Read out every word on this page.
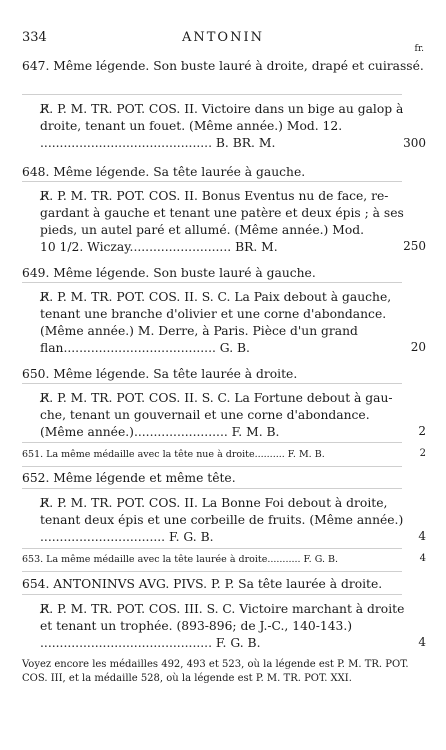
334	ANTONIN
fr.
647. Même légende. Son buste lauré à droite, drapé et cuirassé.
R̸. P. M. TR. POT. COS. II. Victoire dans un bige au galop à
droite, tenant un fouet. (Même année.) Mod. 12.
............................................ B. BR. M.	300
648. Même légende. Sa tête laurée à gauche.
R̸. P. M. TR. POT. COS. II. Bonus Eventus nu de face, re-
gardant à gauche et tenant une patère et deux épis ; à ses
pieds, un autel paré et allumé. (Même année.) Mod.
10 1/2. Wiczay.......................... BR. M.	250
649. Même légende. Son buste lauré à gauche.
R̸. P. M. TR. POT. COS. II. S. C. La Paix debout à gauche,
tenant une branche d'olivier et une corne d'abondance.
(Même année.) M. Derre, à Paris. Pièce d'un grand
flan....................................... G. B.	20
650. Même légende. Sa tête laurée à droite.
R̸. P. M. TR. POT. COS. II. S. C. La Fortune debout à gau-
che, tenant un gouvernail et une corne d'abondance.
(Même année.)........................ F. M. B.	2
651. La même médaille avec la tête nue à droite.......... F. M. B.	2
652. Même légende et même tête.
R̸. P. M. TR. POT. COS. II. La Bonne Foi debout à droite,
tenant deux épis et une corbeille de fruits. (Même année.)
................................ F. G. B.	4
653. La même médaille avec la tête laurée à droite........... F. G. B.	4
654. ANTONINVS AVG. PIVS. P. P. Sa tête laurée à droite.
R̸. P. M. TR. POT. COS. III. S. C. Victoire marchant à droite
et tenant un trophée. (893-896; de J.-C., 140-143.)
............................................ F. G. B.	4
Voyez encore les médailles 492, 493 et 523, où la légende est P. M. TR. POT. COS. III, et la médaille 528, où la légende est P. M. TR. POT. XXI.
